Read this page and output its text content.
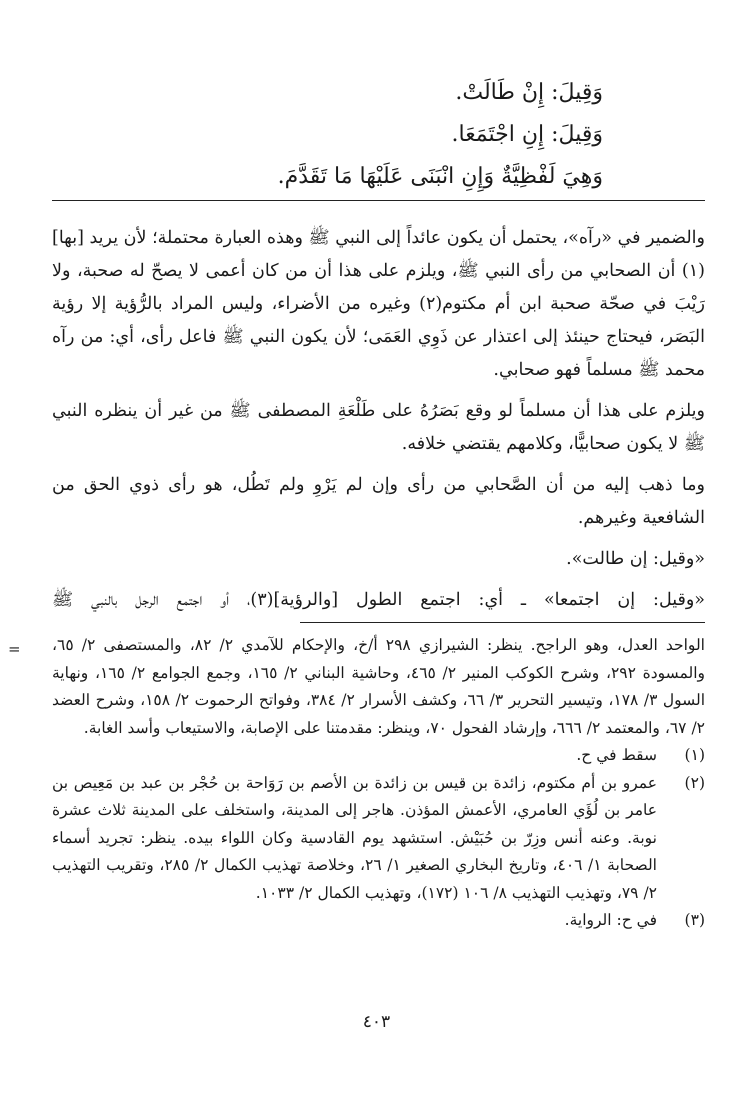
وَقِيلَ: إِنْ طَالَتْ.
وَقِيلَ: إِنِ اجْتَمَعَا.
وَهِيَ لَفْظِيَّةٌ وَإِنِ انْبَنَى عَلَيْهَا مَا تَقَدَّمَ.

والضمير في «رآه»، يحتمل أن يكون عائداً إلى النبي ﷺ وهذه العبارة محتملة؛ لأن يريد [بها](١) أن الصحابي من رأى النبي ﷺ، ويلزم على هذا أن من كان أعمى لا يصحّ له صحبة، ولا رَيْبَ في صحّة صحبة ابن أم مكتوم(٢) وغيره من الأضراء، وليس المراد بالرُّؤية إلا رؤية البَصَر، فيحتاج حينئذ إلى اعتذار عن ذَوِي العَمَى؛ لأن يكون النبي ﷺ فاعل رأى، أي: من رآه محمد ﷺ مسلماً فهو صحابي.

ويلزم على هذا أن مسلماً لو وقع بَصَرُهُ على طَلْعَةِ المصطفى ﷺ من غير أن ينظره النبي ﷺ لا يكون صحابيًّا، وكلامهم يقتضي خلافه.

وما ذهب إليه من أن الصَّحابي من رأى وإن لم يَرْوِ ولم تَطُل، هو رأى ذوي الحق من الشافعية وغيرهم.

«وقيل: إن طالت».

«وقيل: إن اجتمعا» ـ أي: اجتمع الطول [والرؤية](٣)، أو اجتمع الرجل بالنبي ﷺ

= الواحد العدل، وهو الراجح. ينظر: الشيرازي ٢٩٨ أ/خ، والإحكام للآمدي ٢/ ٨٢، والمستصفى ٢/ ٦٥، والمسودة ٢٩٢، وشرح الكوكب المنير ٢/ ٤٦٥، وحاشية البناني ٢/ ١٦٥، وجمع الجوامع ٢/ ١٦٥، ونهاية السول ٣/ ١٧٨، وتيسير التحرير ٣/ ٦٦، وكشف الأسرار ٢/ ٣٨٤، وفواتح الرحموت ٢/ ١٥٨، وشرح العضد ٢/ ٦٧، والمعتمد ٢/ ٦٦٦، وإرشاد الفحول ٧٠، وينظر: مقدمتنا على الإصابة، والاستيعاب وأسد الغابة.
(١)
سقط في ح.
(٢)
عمرو بن أم مكتوم، زائدة بن قيس بن زائدة بن الأصم بن رَوَاحة بن حُجْر بن عبد بن مَعِيص بن عامر بن لُؤَي العامري، الأعمش المؤذن. هاجر إلى المدينة، واستخلف على المدينة ثلاث عشرة نوبة. وعنه أنس وزِرّ بن حُبَيْش. استشهد يوم القادسية وكان اللواء بيده. ينظر: تجريد أسماء الصحابة ١/ ٤٠٦، وتاريخ البخاري الصغير ١/ ٢٦، وخلاصة تهذيب الكمال ٢/ ٢٨٥، وتقريب التهذيب ٢/ ٧٩، وتهذيب التهذيب ٨/ ١٠٦ (١٧٢)، وتهذيب الكمال ٢/ ١٠٣٣.
(٣)
في ح: الرواية.
٤٠٣
